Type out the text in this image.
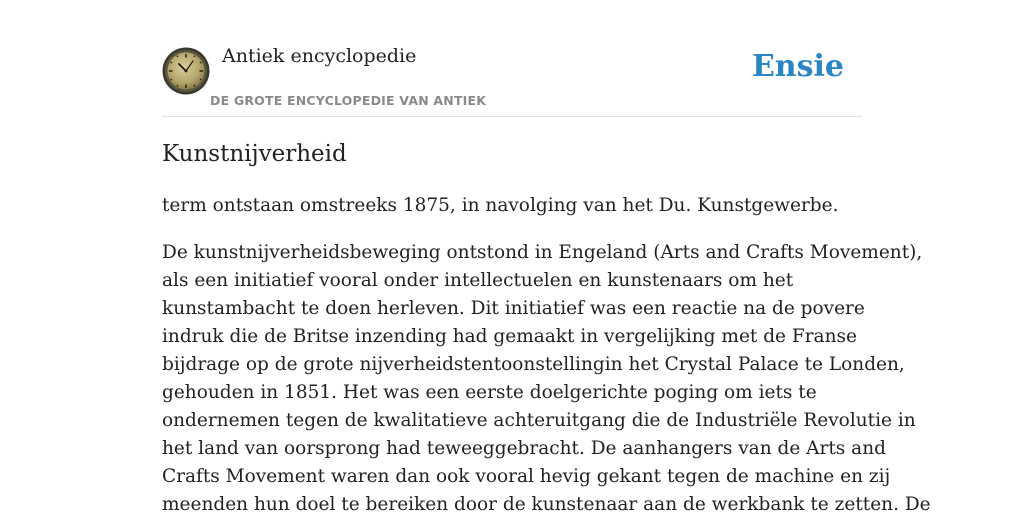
Antiek encyclopedie
DE GROTE ENCYCLOPEDIE VAN ANTIEK
Ensie
Kunstnijverheid

term ontstaan omstreeks 1875, in navolging van het Du. Kunstgewerbe.

De kunstnijverheidsbeweging ontstond in Engeland (Arts and Crafts Movement),
als een initiatief vooral onder intellectuelen en kunstenaars om het
kunstambacht te doen herleven. Dit initiatief was een reactie na de povere
indruk die de Britse inzending had gemaakt in vergelijking met de Franse
bijdrage op de grote nijverheidstentoonstellingin het Crystal Palace te Londen,
gehouden in 1851. Het was een eerste doelgerichte poging om iets te
ondernemen tegen de kwalitatieve achteruitgang die de Industriële Revolutie in
het land van oorsprong had teweeggebracht. De aanhangers van de Arts and
Crafts Movement waren dan ook vooral hevig gekant tegen de machine en zij
meenden hun doel te bereiken door de kunstenaar aan de werkbank te zetten. De
